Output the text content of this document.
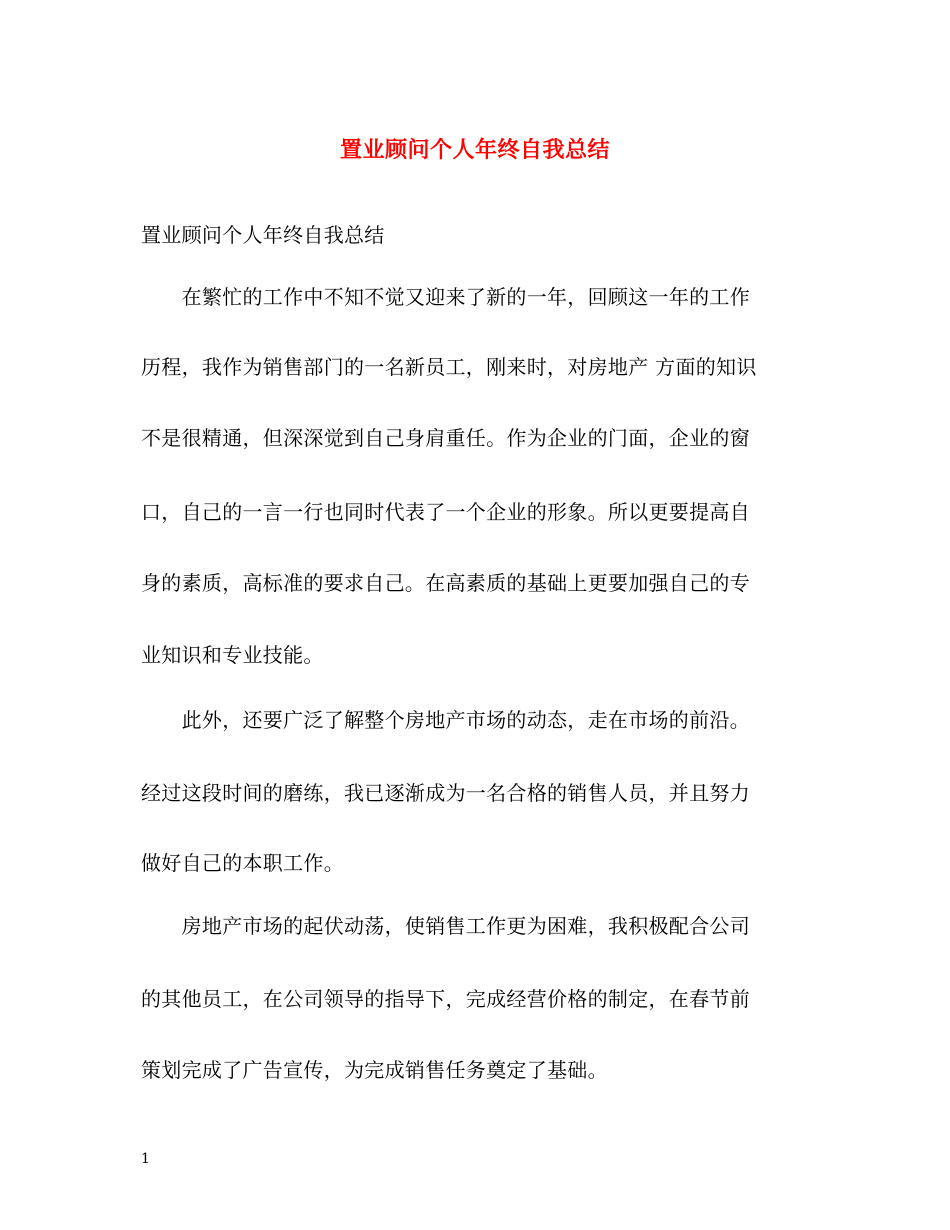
置业顾问个人年终自我总结
置业顾问个人年终自我总结
　　在繁忙的工作中不知不觉又迎来了新的一年，回顾这一年的工作
历程，我作为销售部门的一名新员工，刚来时，对房地产 方面的知识
不是很精通，但深深觉到自己身肩重任。作为企业的门面，企业的窗
口，自己的一言一行也同时代表了一个企业的形象。所以更要提高自
身的素质，高标准的要求自己。在高素质的基础上更要加强自己的专
业知识和专业技能。
　　此外，还要广泛了解整个房地产市场的动态，走在市场的前沿。
经过这段时间的磨练，我已逐渐成为一名合格的销售人员，并且努力
做好自己的本职工作。
　　房地产市场的起伏动荡，使销售工作更为困难，我积极配合公司
的其他员工，在公司领导的指导下，完成经营价格的制定，在春节前
策划完成了广告宣传，为完成销售任务奠定了基础。
1
